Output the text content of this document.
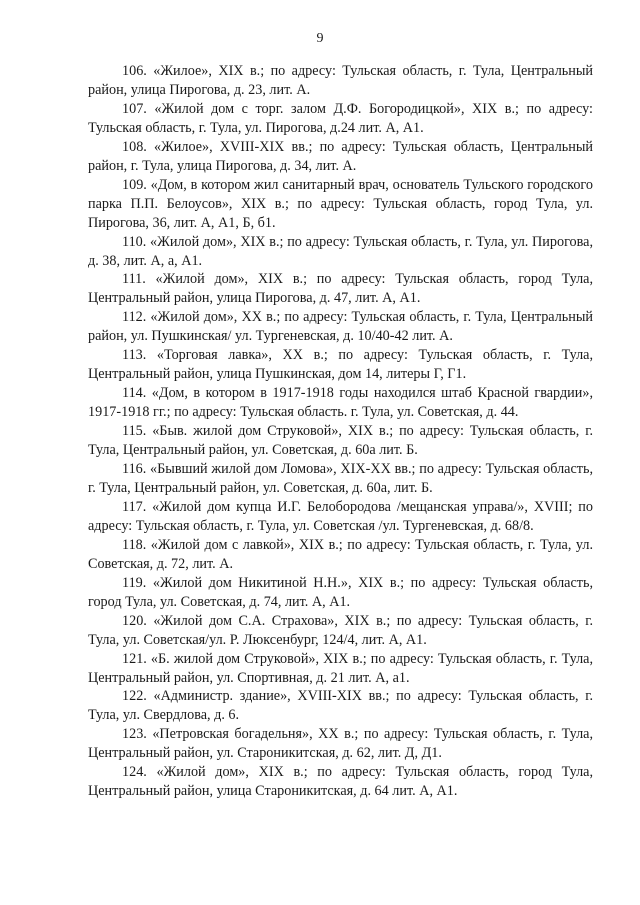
9

106. «Жилое», XIX в.; по адресу: Тульская область, г. Тула, Центральный район, улица Пирогова, д. 23, лит. А.

107. «Жилой дом с торг. залом Д.Ф. Богородицкой», XIX в.; по адресу: Тульская область, г. Тула, ул. Пирогова, д.24 лит. А, А1.

108. «Жилое», XVIII-XIX вв.; по адресу: Тульская область, Центральный район, г. Тула, улица Пирогова, д. 34, лит. А.

109. «Дом, в котором жил санитарный врач, основатель Тульского городского парка П.П. Белоусов», XIX в.; по адресу: Тульская область, город Тула, ул. Пирогова, 36, лит. А, А1, Б, б1.

110. «Жилой дом», XIX в.; по адресу: Тульская область, г. Тула, ул. Пирогова, д. 38, лит. А, а, А1.

111. «Жилой дом», XIX в.; по адресу: Тульская область, город Тула, Центральный район, улица Пирогова, д. 47, лит. А, А1.

112. «Жилой дом», XX в.; по адресу: Тульская область, г. Тула, Центральный район, ул. Пушкинская/ ул. Тургеневская, д. 10/40-42 лит. А.

113. «Торговая лавка», XX в.; по адресу: Тульская область, г. Тула, Центральный район, улица Пушкинская, дом 14, литеры Г, Г1.

114. «Дом, в котором в 1917-1918 годы находился штаб Красной гвардии», 1917-1918 гг.; по адресу: Тульская область. г. Тула, ул. Советская, д. 44.

115. «Быв. жилой дом Струковой», XIX в.; по адресу: Тульская область, г. Тула, Центральный район, ул. Советская, д. 60а лит. Б.

116. «Бывший жилой дом Ломова», XIX-XX вв.; по адресу: Тульская область, г. Тула, Центральный район, ул. Советская, д. 60а, лит. Б.

117. «Жилой дом купца И.Г. Белобородова /мещанская управа/», XVIII; по адресу: Тульская область, г. Тула, ул. Советская /ул. Тургеневская, д. 68/8.

118. «Жилой дом с лавкой», XIX в.; по адресу: Тульская область, г. Тула, ул. Советская, д. 72, лит. А.

119. «Жилой дом Никитиной Н.Н.», XIX в.; по адресу: Тульская область, город Тула, ул. Советская, д. 74, лит. А, А1.

120. «Жилой дом С.А. Страхова», XIX в.; по адресу: Тульская область, г. Тула, ул. Советская/ул. Р. Люксенбург, 124/4, лит. А, А1.

121. «Б. жилой дом Струковой», XIX в.; по адресу: Тульская область, г. Тула, Центральный район, ул. Спортивная, д. 21 лит. А, а1.

122. «Администр. здание», XVIII-XIX вв.; по адресу: Тульская область, г. Тула, ул. Свердлова, д. 6.

123. «Петровская богадельня», XX в.; по адресу: Тульская область, г. Тула, Центральный район, ул. Староникитская, д. 62, лит. Д, Д1.

124. «Жилой дом», XIX в.; по адресу: Тульская область, город Тула, Центральный район, улица Староникитская, д. 64 лит. А, А1.
